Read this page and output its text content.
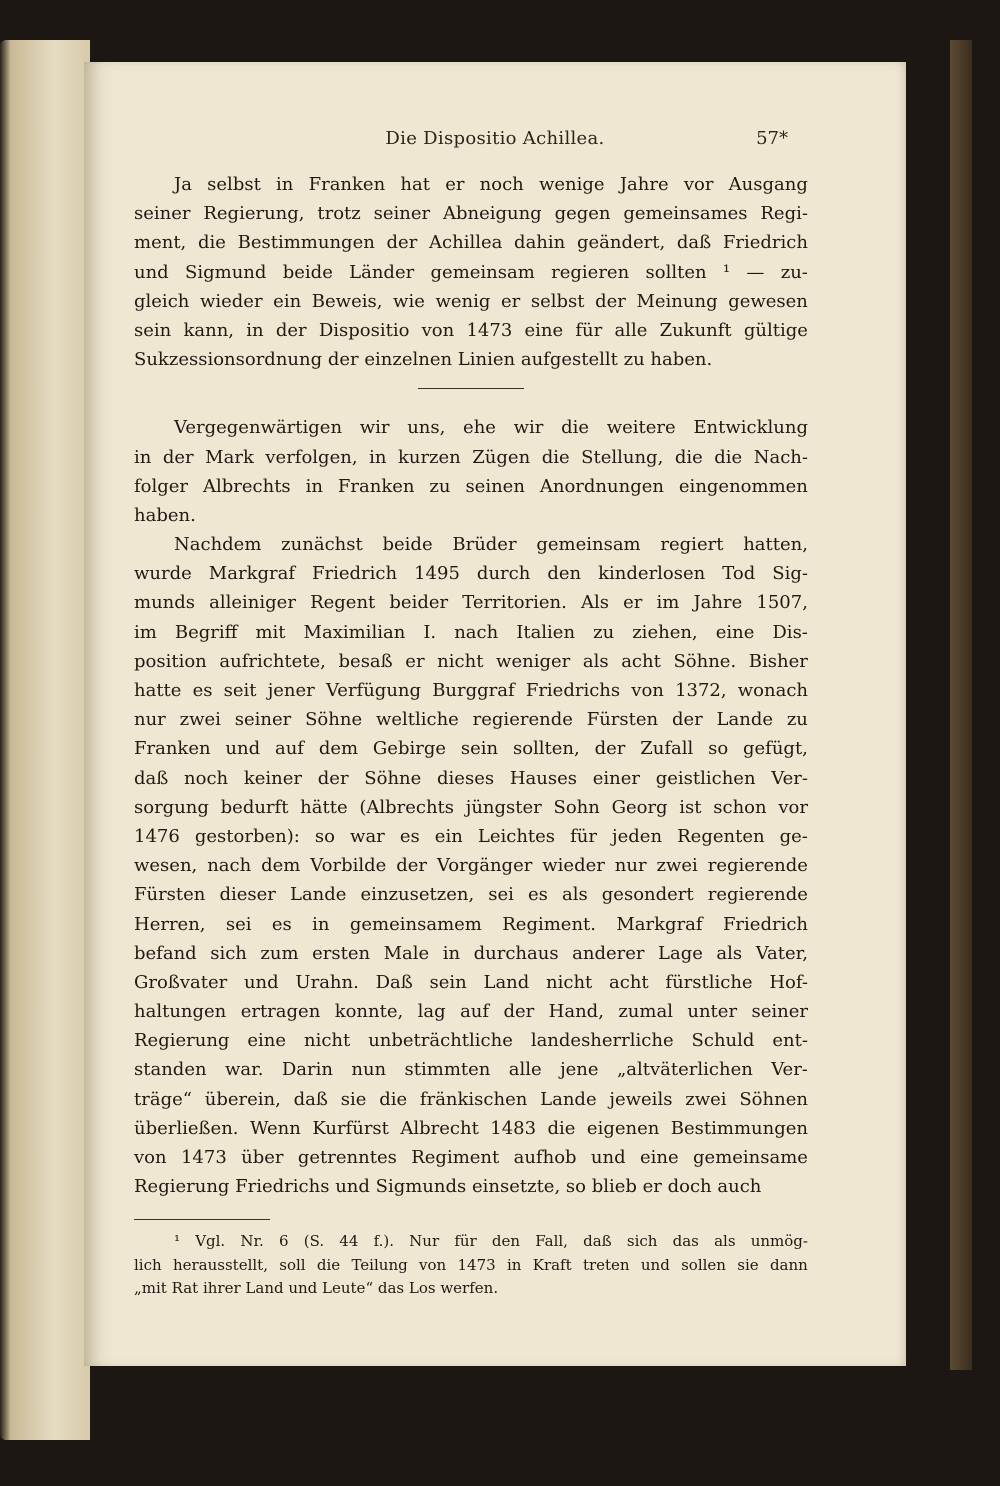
Die Dispositio Achillea.	57*
Ja selbst in Franken hat er noch wenige Jahre vor Ausgang
seiner Regierung, trotz seiner Abneigung gegen gemeinsames Regi-
ment, die Bestimmungen der Achillea dahin geändert, daß Friedrich
und Sigmund beide Länder gemeinsam regieren sollten ¹ — zu-
gleich wieder ein Beweis, wie wenig er selbst der Meinung gewesen
sein kann, in der Dispositio von 1473 eine für alle Zukunft gültige
Sukzessionsordnung der einzelnen Linien aufgestellt zu haben.
Vergegenwärtigen wir uns, ehe wir die weitere Entwicklung
in der Mark verfolgen, in kurzen Zügen die Stellung, die die Nach-
folger Albrechts in Franken zu seinen Anordnungen eingenommen
haben.
Nachdem zunächst beide Brüder gemeinsam regiert hatten,
wurde Markgraf Friedrich 1495 durch den kinderlosen Tod Sig-
munds alleiniger Regent beider Territorien. Als er im Jahre 1507,
im Begriff mit Maximilian I. nach Italien zu ziehen, eine Dis-
position aufrichtete, besaß er nicht weniger als acht Söhne. Bisher
hatte es seit jener Verfügung Burggraf Friedrichs von 1372, wonach
nur zwei seiner Söhne weltliche regierende Fürsten der Lande zu
Franken und auf dem Gebirge sein sollten, der Zufall so gefügt,
daß noch keiner der Söhne dieses Hauses einer geistlichen Ver-
sorgung bedurft hätte (Albrechts jüngster Sohn Georg ist schon vor
1476 gestorben): so war es ein Leichtes für jeden Regenten ge-
wesen, nach dem Vorbilde der Vorgänger wieder nur zwei regierende
Fürsten dieser Lande einzusetzen, sei es als gesondert regierende
Herren, sei es in gemeinsamem Regiment. Markgraf Friedrich
befand sich zum ersten Male in durchaus anderer Lage als Vater,
Großvater und Urahn. Daß sein Land nicht acht fürstliche Hof-
haltungen ertragen konnte, lag auf der Hand, zumal unter seiner
Regierung eine nicht unbeträchtliche landesherrliche Schuld ent-
standen war. Darin nun stimmten alle jene „altväterlichen Ver-
träge“ überein, daß sie die fränkischen Lande jeweils zwei Söhnen
überließen. Wenn Kurfürst Albrecht 1483 die eigenen Bestimmungen
von 1473 über getrenntes Regiment aufhob und eine gemeinsame
Regierung Friedrichs und Sigmunds einsetzte, so blieb er doch auch
¹ Vgl. Nr. 6 (S. 44 f.). Nur für den Fall, daß sich das als unmög-
lich herausstellt, soll die Teilung von 1473 in Kraft treten und sollen sie dann
„mit Rat ihrer Land und Leute“ das Los werfen.
